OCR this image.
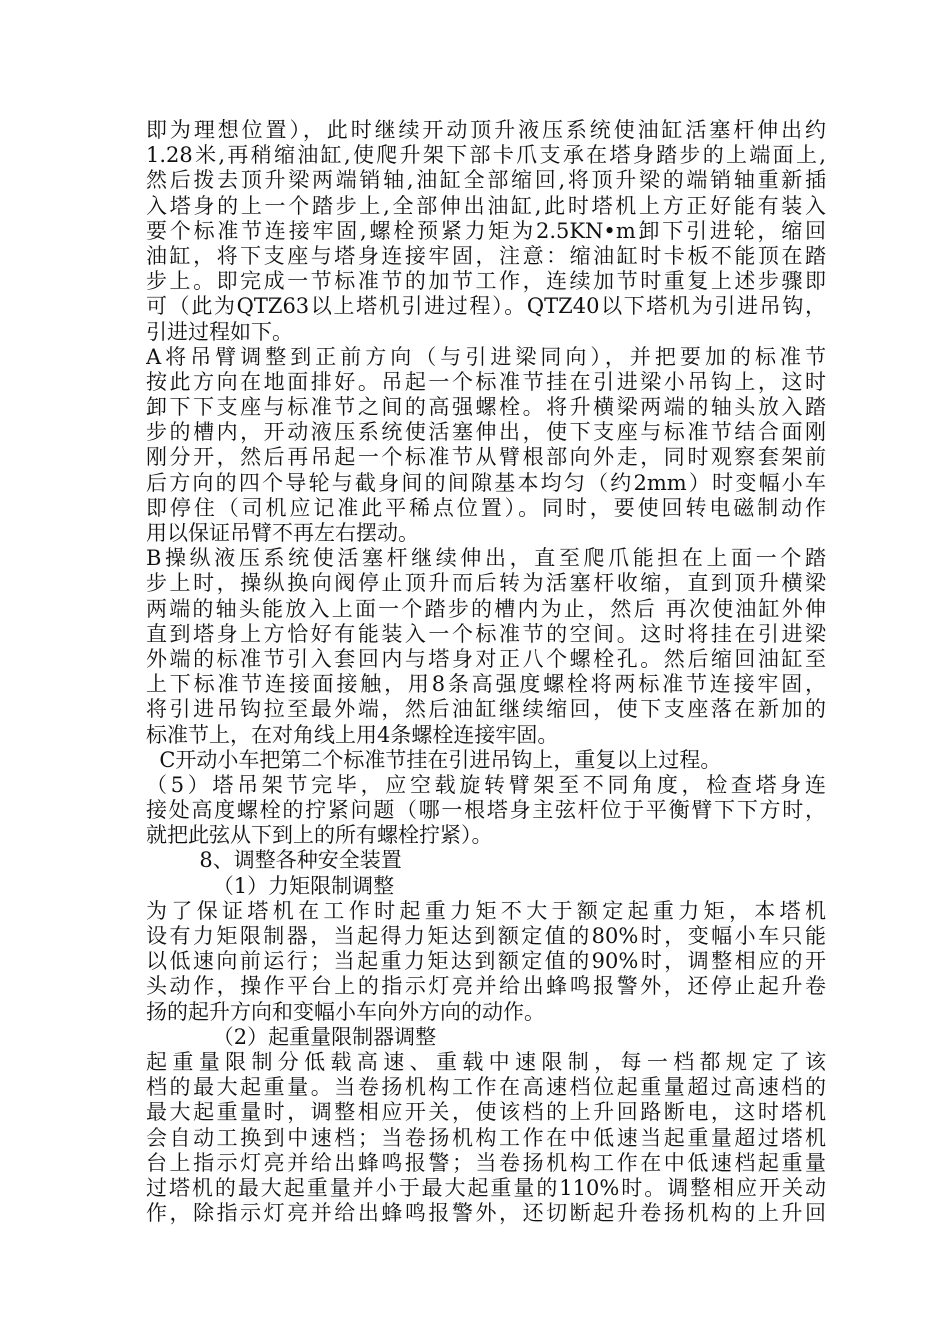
即为理想位置），此时继续开动顶升液压系统使油缸活塞杆伸出约
1.28米,再稍缩油缸,使爬升架下部卡爪支承在塔身踏步的上端面上,
然后拨去顶升梁两端销轴,油缸全部缩回,将顶升梁的端销轴重新插
入塔身的上一个踏步上,全部伸出油缸,此时塔机上方正好能有装入
要个标准节连接牢固,螺栓预紧力矩为2.5KN•m卸下引进轮，缩回
油缸，将下支座与塔身连接牢固，注意：缩油缸时卡板不能顶在踏
步上。即完成一节标准节的加节工作，连续加节时重复上述步骤即
可（此为QTZ63以上塔机引进过程）。QTZ40以下塔机为引进吊钩，
引进过程如下。
A将吊臂调整到正前方向（与引进梁同向），并把要加的标准节
按此方向在地面排好。吊起一个标准节挂在引进梁小吊钩上，这时
卸下下支座与标准节之间的高强螺栓。将升横梁两端的轴头放入踏
步的槽内，开动液压系统使活塞伸出，使下支座与标准节结合面刚
刚分开，然后再吊起一个标准节从臂根部向外走，同时观察套架前
后方向的四个导轮与截身间的间隙基本均匀（约2mm）时变幅小车
即停住（司机应记准此平稀点位置）。同时，要使回转电磁制动作
用以保证吊臂不再左右摆动。
B操纵液压系统使活塞杆继续伸出，直至爬爪能担在上面一个踏
步上时，操纵换向阀停止顶升而后转为活塞杆收缩，直到顶升横梁
两端的轴头能放入上面一个踏步的槽内为止，然后 再次使油缸外伸
直到塔身上方恰好有能装入一个标准节的空间。这时将挂在引进梁
外端的标准节引入套回内与塔身对正八个螺栓孔。然后缩回油缸至
上下标准节连接面接触，用8条高强度螺栓将两标准节连接牢固，
将引进吊钩拉至最外端，然后油缸继续缩回，使下支座落在新加的
标准节上，在对角线上用4条螺栓连接牢固。
C开动小车把第二个标准节挂在引进吊钩上，重复以上过程。
（5）塔吊架节完毕，应空载旋转臂架至不同角度，检查塔身连
接处高度螺栓的拧紧问题（哪一根塔身主弦杆位于平衡臂下下方时，
就把此弦从下到上的所有螺栓拧紧）。
8、调整各种安全装置
（1）力矩限制调整
为了保证塔机在工作时起重力矩不大于额定起重力矩，本塔机
设有力矩限制器，当起得力矩达到额定值的80%时，变幅小车只能
以低速向前运行；当起重力矩达到额定值的90%时，调整相应的开
头动作，操作平台上的指示灯亮并给出蜂鸣报警外，还停止起升卷
扬的起升方向和变幅小车向外方向的动作。
（2）起重量限制器调整
起重量限制分低载高速、重载中速限制，每一档都规定了该
档的最大起重量。当卷扬机构工作在高速档位起重量超过高速档的
最大起重量时，调整相应开关，使该档的上升回路断电，这时塔机
会自动工换到中速档；当卷扬机构工作在中低速当起重量超过塔机
台上指示灯亮并给出蜂鸣报警；当卷扬机构工作在中低速档起重量
过塔机的最大起重量并小于最大起重量的110%时。调整相应开关动
作，除指示灯亮并给出蜂鸣报警外，还切断起升卷扬机构的上升回
